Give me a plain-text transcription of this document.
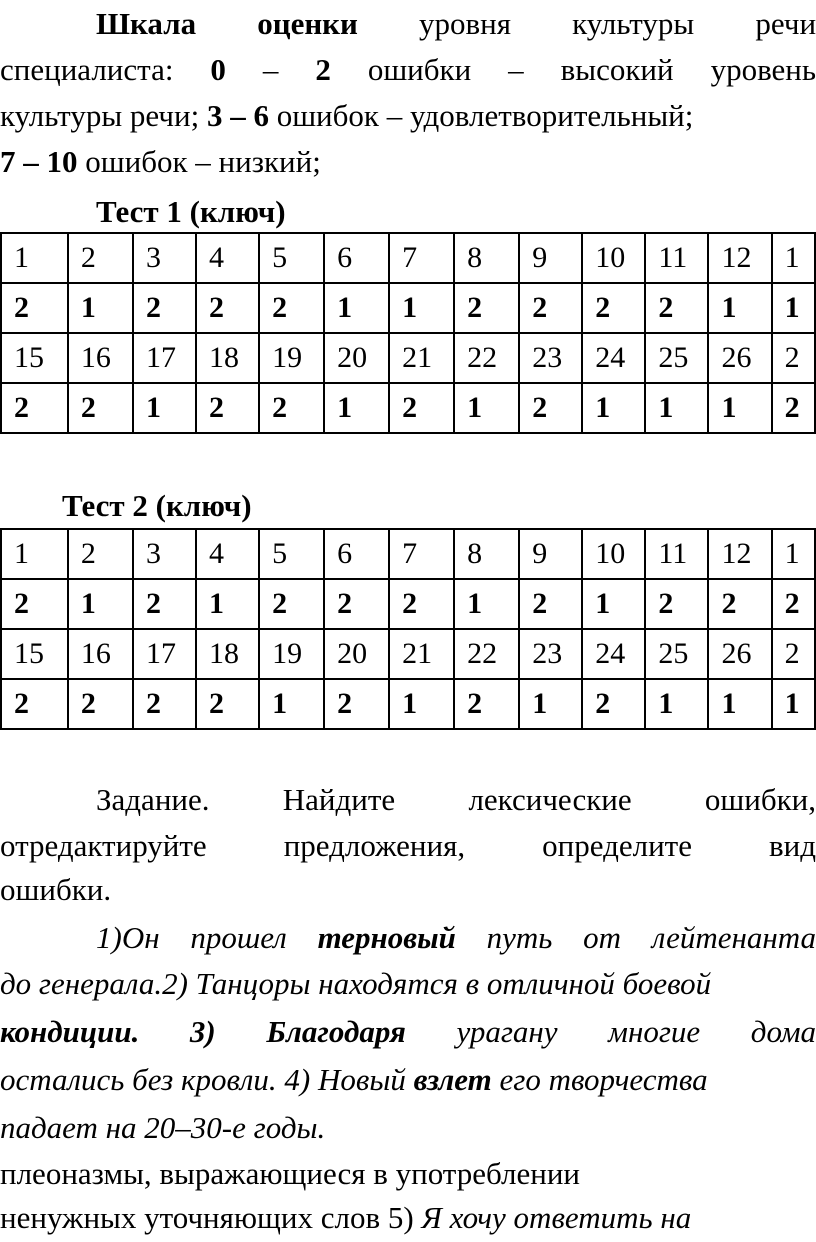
Шкала оценки уровня культуры речи
специалиста: 0 – 2 ошибки – высокий уровень
культуры речи; 3 – 6 ошибок – удовлетворительный;
7 – 10 ошибок – низкий;
Тест 1 (ключ)
1	2	3	4	5	6	7	8	9	10	11	12	1
2	1	2	2	2	1	1	2	2	2	2	1	1
15	16	17	18	19	20	21	22	23	24	25	26	2
2	2	1	2	2	1	2	1	2	1	1	1	2
Тест 2 (ключ)
1	2	3	4	5	6	7	8	9	10	11	12	1
2	1	2	1	2	2	2	1	2	1	2	2	2
15	16	17	18	19	20	21	22	23	24	25	26	2
2	2	2	2	1	2	1	2	1	2	1	1	1
Задание. Найдите лексические ошибки,
отредактируйте предложения, определите вид
ошибки.
1)Он прошел терновый путь от лейтенанта
до генерала.2) Танцоры находятся в отличной боевой
кондиции. 3) Благодаря урагану многие дома
остались без кровли. 4) Новый взлет его творчества
падает на 20–30-е годы.
плеоназмы, выражающиеся в употреблении
ненужных уточняющих слов 5) Я хочу ответить на
